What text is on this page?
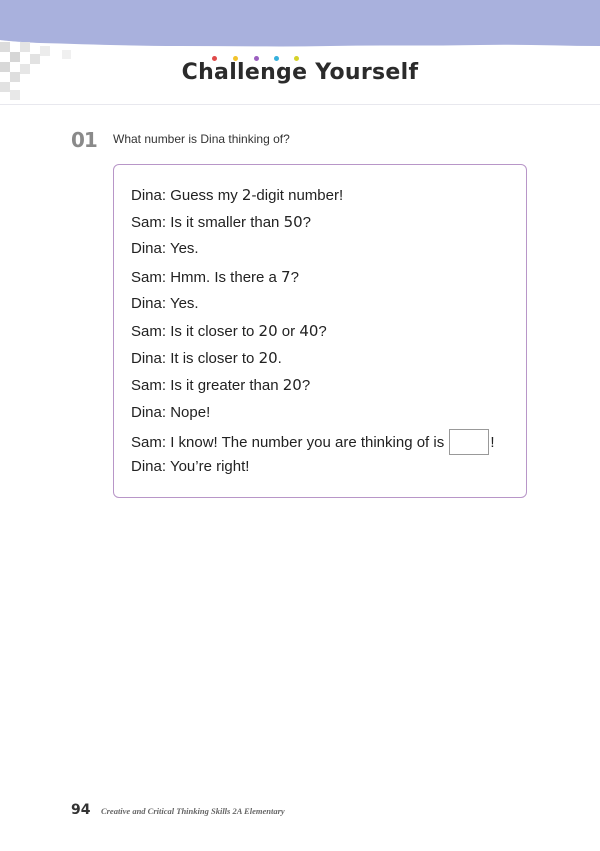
Challenge Yourself
01 What number is Dina thinking of?
Dina: Guess my 2-digit number!
Sam: Is it smaller than 50?
Dina: Yes.
Sam: Hmm. Is there a 7?
Dina: Yes.
Sam: Is it closer to 20 or 40?
Dina: It is closer to 20.
Sam: Is it greater than 20?
Dina: Nope!
Sam: I know! The number you are thinking of is	!
Dina: You’re right!
94 Creative and Critical Thinking Skills 2A Elementary
